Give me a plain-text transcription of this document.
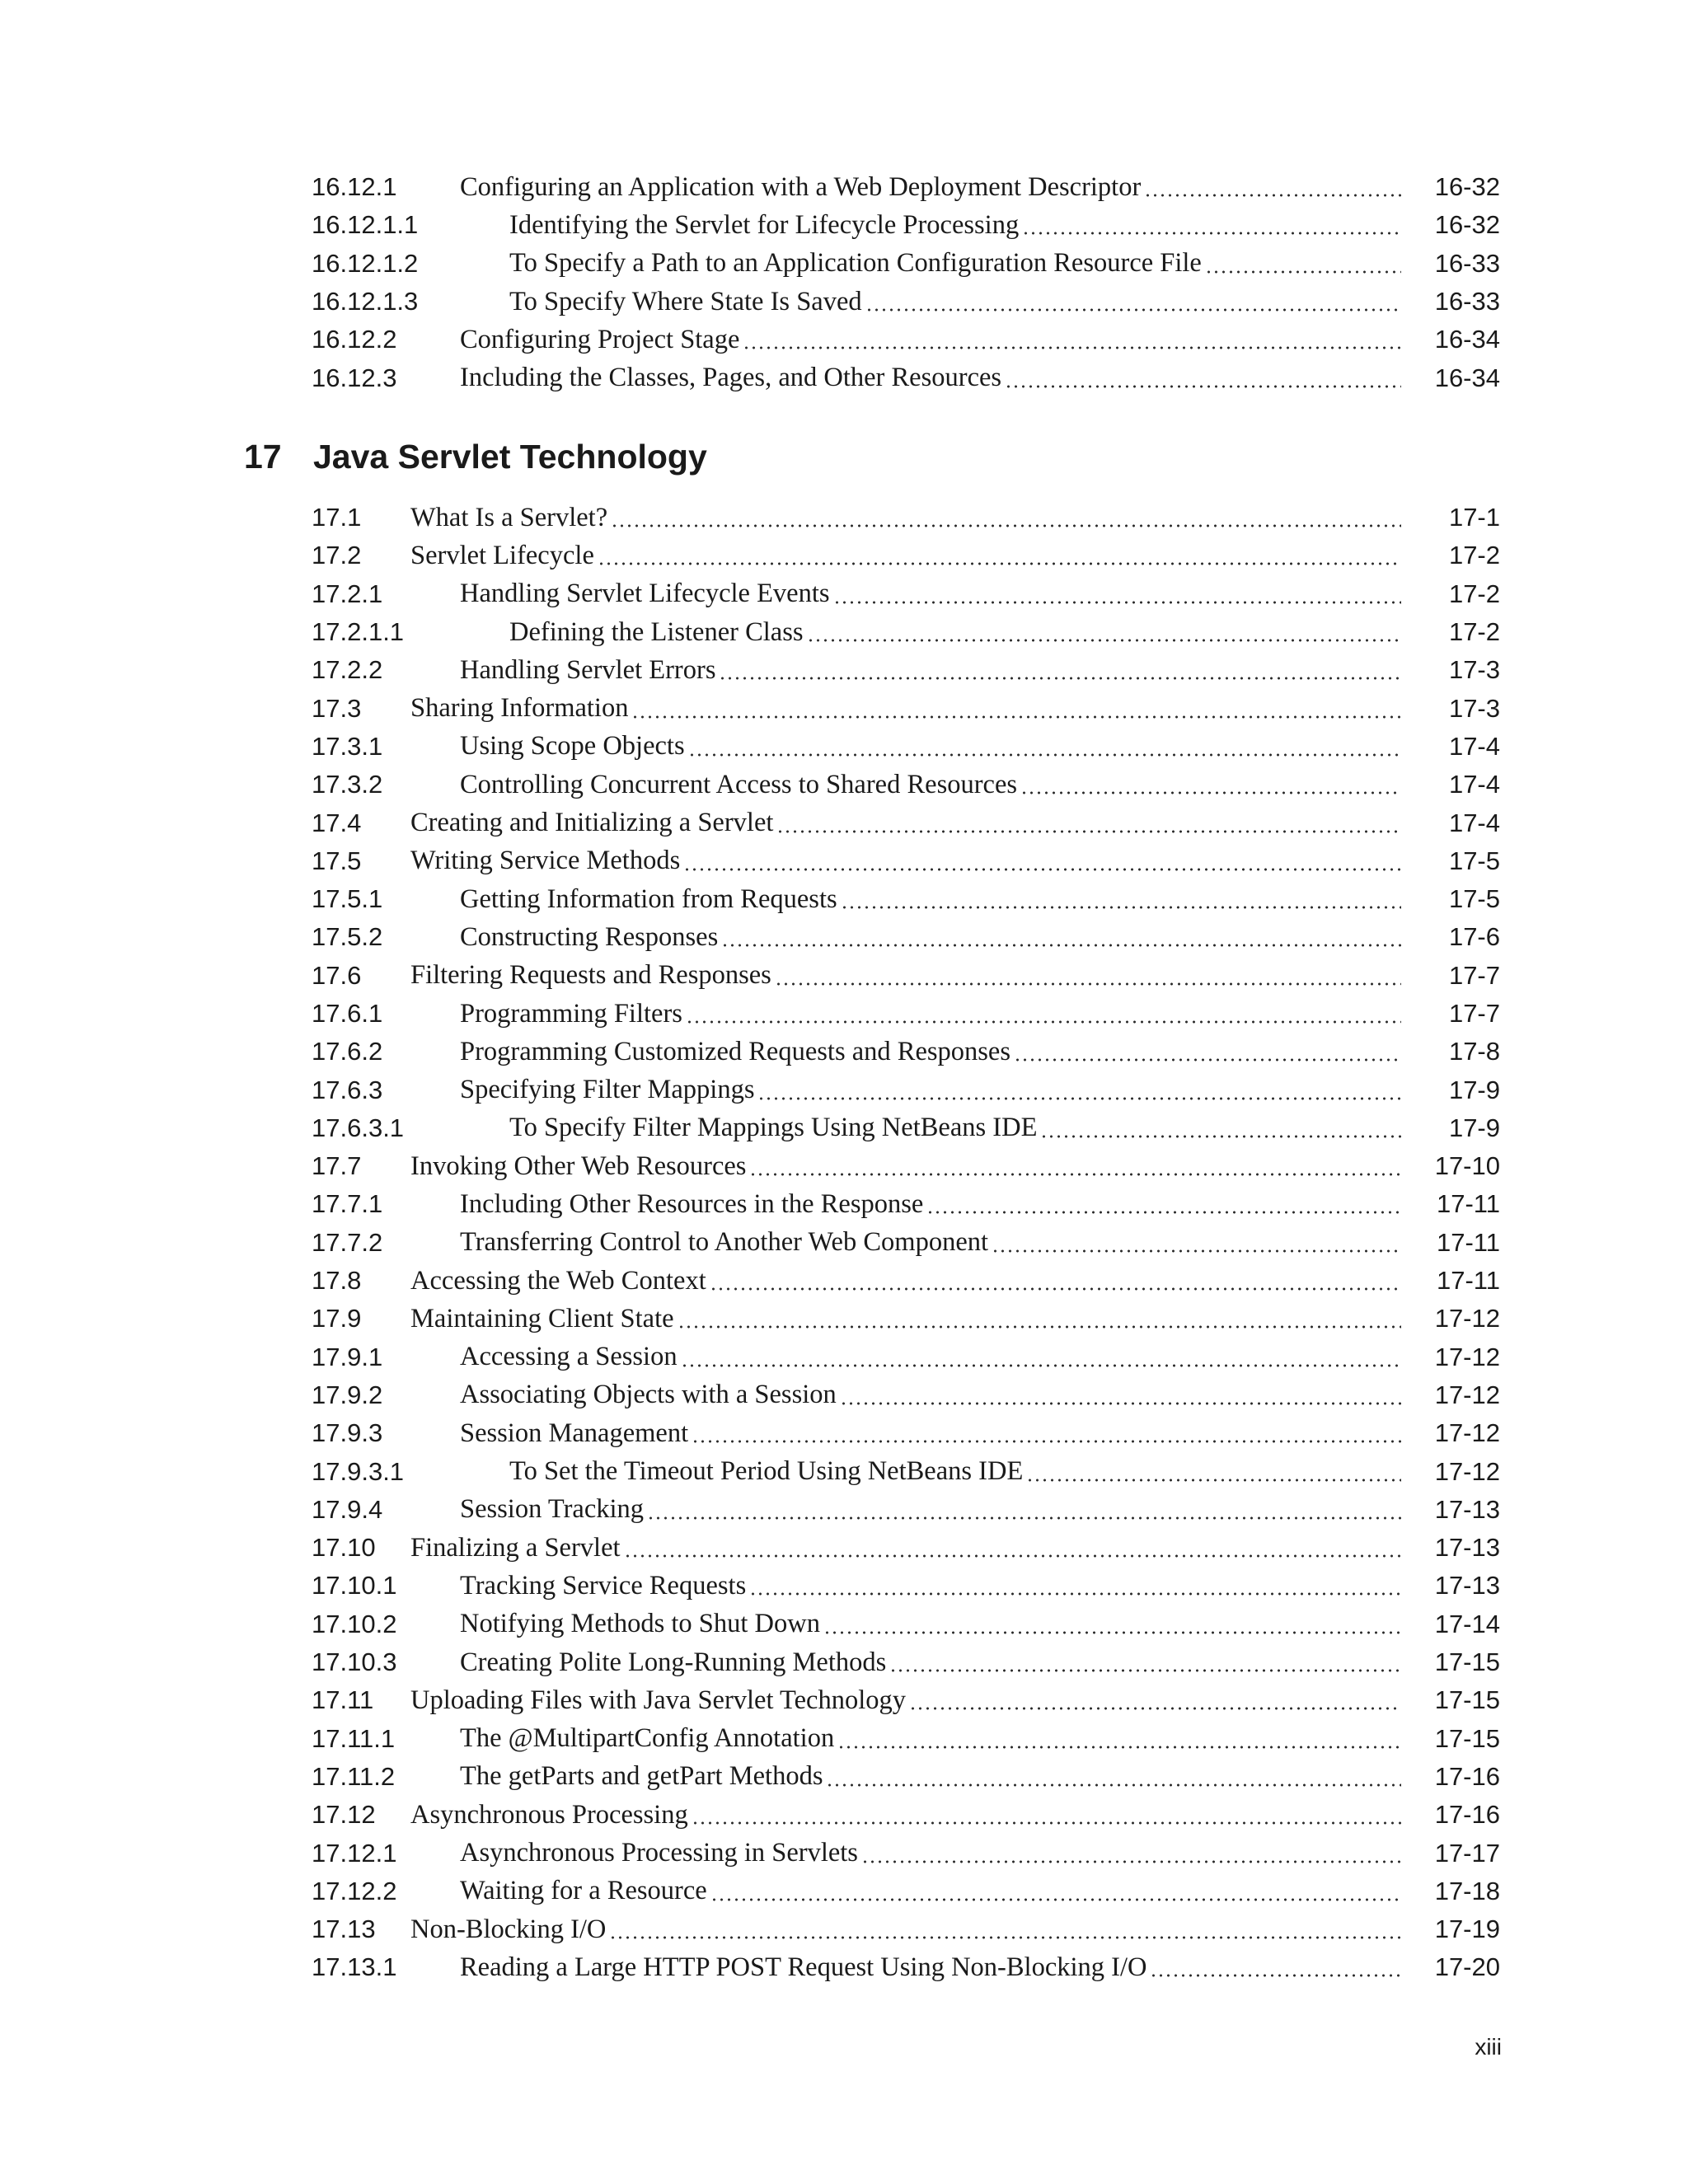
16.12.1 Configuring an Application with a Web Deployment Descriptor	16-32
16.12.1.1	Identifying the Servlet for Lifecycle Processing	16-32
16.12.1.2	To Specify a Path to an Application Configuration Resource File	16-33
16.12.1.3	To Specify Where State Is Saved	16-33
16.12.2 Configuring Project Stage	16-34
16.12.3 Including the Classes, Pages, and Other Resources	16-34
17 Java Servlet Technology
17.1 What Is a Servlet?	17-1
17.2 Servlet Lifecycle	17-2
17.2.1	Handling Servlet Lifecycle Events	17-2
17.2.1.1	Defining the Listener Class	17-2
17.2.2	Handling Servlet Errors	17-3
17.3 Sharing Information	17-3
17.3.1	Using Scope Objects	17-4
17.3.2	Controlling Concurrent Access to Shared Resources	17-4
17.4 Creating and Initializing a Servlet	17-4
17.5 Writing Service Methods	17-5
17.5.1	Getting Information from Requests	17-5
17.5.2	Constructing Responses	17-6
17.6 Filtering Requests and Responses	17-7
17.6.1	Programming Filters	17-7
17.6.2	Programming Customized Requests and Responses	17-8
17.6.3	Specifying Filter Mappings	17-9
17.6.3.1	To Specify Filter Mappings Using NetBeans IDE	17-9
17.7 Invoking Other Web Resources	17-10
17.7.1	Including Other Resources in the Response	17-11
17.7.2	Transferring Control to Another Web Component	17-11
17.8 Accessing the Web Context	17-11
17.9 Maintaining Client State	17-12
17.9.1	Accessing a Session	17-12
17.9.2	Associating Objects with a Session	17-12
17.9.3	Session Management	17-12
17.9.3.1	To Set the Timeout Period Using NetBeans IDE	17-12
17.9.4	Session Tracking	17-13
17.10 Finalizing a Servlet	17-13
17.10.1 Tracking Service Requests	17-13
17.10.2 Notifying Methods to Shut Down	17-14
17.10.3 Creating Polite Long-Running Methods	17-15
17.11 Uploading Files with Java Servlet Technology	17-15
17.11.1 The @MultipartConfig Annotation	17-15
17.11.2 The getParts and getPart Methods	17-16
17.12 Asynchronous Processing	17-16
17.12.1 Asynchronous Processing in Servlets	17-17
17.12.2 Waiting for a Resource	17-18
17.13 Non-Blocking I/O	17-19
17.13.1 Reading a Large HTTP POST Request Using Non-Blocking I/O	17-20
xiii
